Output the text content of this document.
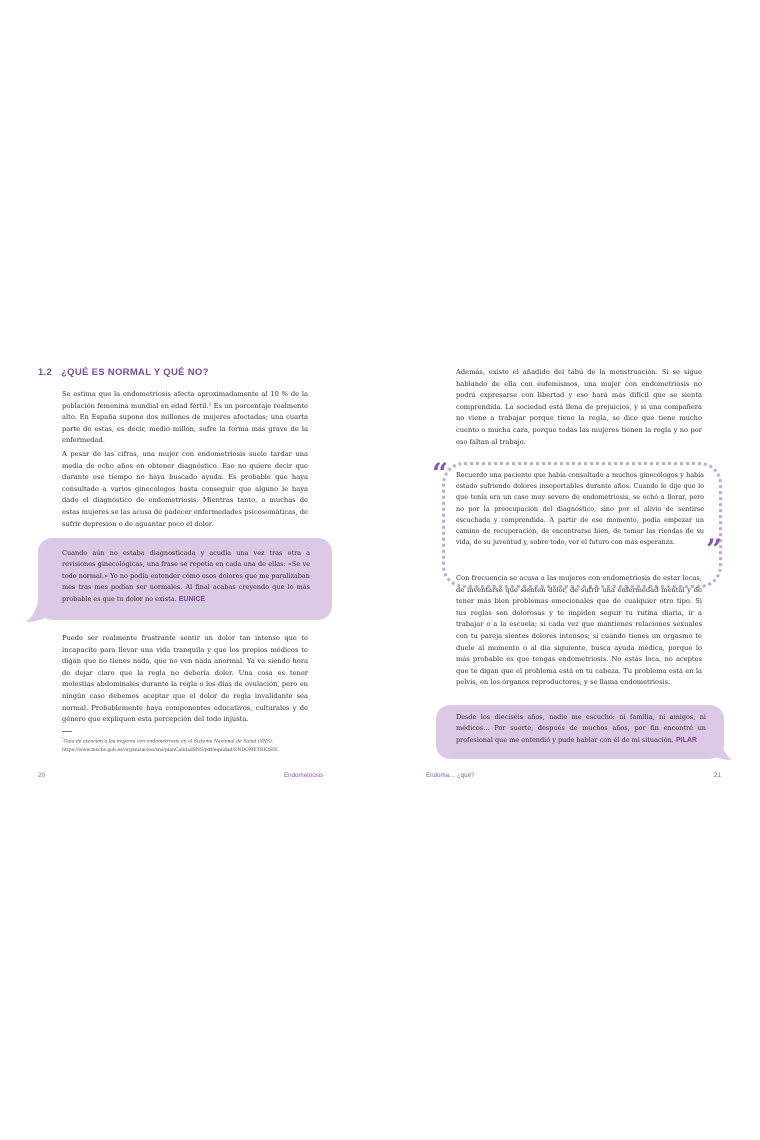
1.2 ¿QUÉ ES NORMAL Y QUÉ NO?

Se estima que la endometriosis afecta aproximadamente al 10 % de la población femenina mundial en edad fértil.¹ Es un porcentaje realmente alto. En España supone dos millones de mujeres afectadas; una cuarta parte de estas, es decir, medio millón, sufre la forma más grave de la enfermedad.

A pesar de las cifras, una mujer con endometriosis suele tardar una media de ocho años en obtener diagnóstico. Eso no quiere decir que durante ese tiempo no haya buscado ayuda. Es probable que haya consultado a varios ginecólogos hasta conseguir que alguno le haya dado el diagnóstico de endometriosis. Mientras tanto, a muchas de estas mujeres se las acusa de padecer enfermedades psicosomáticas, de sufrir depresión o de aguantar poco el dolor.

Cuando aún no estaba diagnosticada y acudía una vez tras otra a revisiones ginecológicas, una frase se repetía en cada una de ellas: «Se ve todo normal.» Yo no podía entender cómo esos dolores que me paralizaban mes tras mes podían ser normales. Al final acabas creyendo que lo más probable es que tu dolor no exista. EUNICE

Puede ser realmente frustrante sentir un dolor tan intenso que te incapacite para llevar una vida tranquila y que los propios médicos te digan que no tienes nada, que no ven nada anormal. Ya va siendo hora de dejar claro que la regla no debería doler. Una cosa es tener molestias abdominales durante la regla o los días de ovulación, pero en ningún caso debemos aceptar que el dolor de regla invalidante sea normal. Probablemente haya componentes educativos, culturales y de género que expliquen esta percepción del todo injusta.

$^{^1}$Guía de atención a las mujeres con endometriosis en el Sistema Nacional de Salud (SNS). https://www.mscbs.gob.es/organizacion/sns/planCalidadSNS/pdf/equidad/ENDOMETRIOSIS.

20	Endometriosis

Además, existe el añadido del tabú de la menstruación. Si se sigue hablando de ella con eufemismos, una mujer con endometriosis no podrá expresarse con libertad y eso hará más difícil que se sienta comprendida. La sociedad está llena de prejuicios, y si una compañera no viene a trabajar porque tiene la regla, se dice que tiene mucho cuento o mucha cara, porque todas las mujeres tienen la regla y no por eso faltan al trabajo.

“ Recuerdo una paciente que había consultado a muchos ginecólogos y había estado sufriendo dolores insoportables durante años. Cuando le dije que lo que tenía era un caso muy severo de endometriosis, se echó a llorar, pero no por la preocupación del diagnóstico, sino por el alivio de sentirse escuchada y comprendida. A partir de ese momento, podía empezar un camino de recuperación, de encontrarse bien, de tomar las riendas de su vida, de su juventud y, sobre todo, ver el futuro con más esperanza.	”

Con frecuencia se acusa a las mujeres con endometriosis de estar locas, de inventarse que sienten dolor, de sufrir una enfermedad mental y de tener más bien problemas emocionales que de cualquier otro tipo. Si tus reglas son dolorosas y te impiden seguir tu rutina diaria, ir a trabajar o a la escuela; si cada vez que mantienes relaciones sexuales con tu pareja sientes dolores intensos; si cuando tienes un orgasmo te duele al momento o al día siguiente, busca ayuda médica, porque lo más probable es que tengas endometriosis. No estás loca, no aceptes que te digan que el problema está en tu cabeza. Tu problema está en la pelvis, en los órganos reproductores, y se llama endometriosis.

Desde los dieciséis años, nadie me escuchó: ni familia, ni amigos, ni médicos… Por suerte, después de muchos años, por fin encontré un profesional que me entendió y pude hablar con él de mi situación. PILAR

Endoma… ¿qué?	21
